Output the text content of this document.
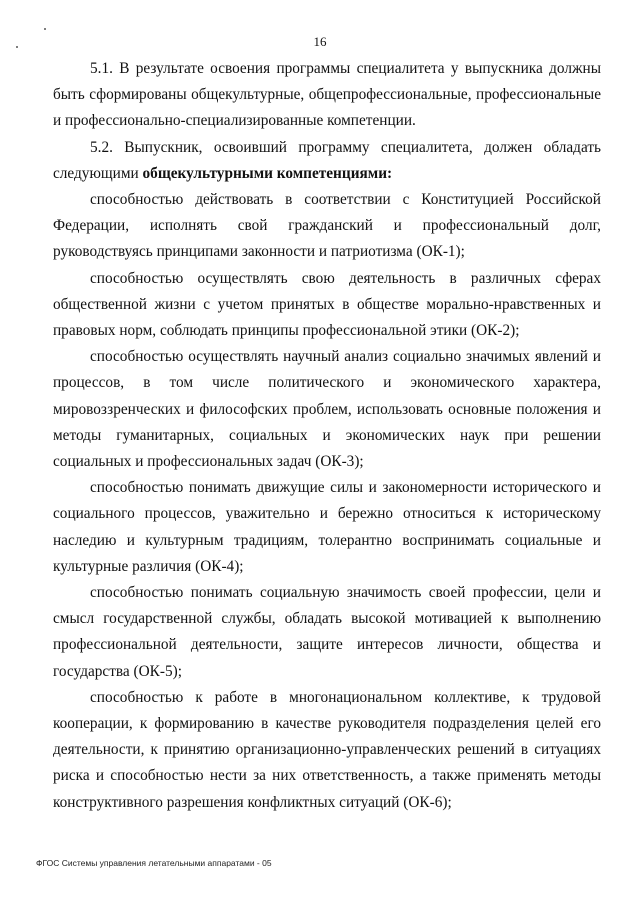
16

5.1. В результате освоения программы специалитета у выпускника должны быть сформированы общекультурные, общепрофессиональные, профессиональные и профессионально-специализированные компетенции.

5.2. Выпускник, освоивший программу специалитета, должен обладать следующими общекультурными компетенциями:

способностью действовать в соответствии с Конституцией Российской Федерации, исполнять свой гражданский и профессиональный долг, руководствуясь принципами законности и патриотизма (ОК-1);

способностью осуществлять свою деятельность в различных сферах общественной жизни с учетом принятых в обществе морально-нравственных и правовых норм, соблюдать принципы профессиональной этики (ОК-2);

способностью осуществлять научный анализ социально значимых явлений и процессов, в том числе политического и экономического характера, мировоззренческих и философских проблем, использовать основные положения и методы гуманитарных, социальных и экономических наук при решении социальных и профессиональных задач (ОК-3);

способностью понимать движущие силы и закономерности исторического и социального процессов, уважительно и бережно относиться к историческому наследию и культурным традициям, толерантно воспринимать социальные и культурные различия (ОК-4);

способностью понимать социальную значимость своей профессии, цели и смысл государственной службы, обладать высокой мотивацией к выполнению профессиональной деятельности, защите интересов личности, общества и государства (ОК-5);

способностью к работе в многонациональном коллективе, к трудовой кооперации, к формированию в качестве руководителя подразделения целей его деятельности, к принятию организационно-управленческих решений в ситуациях риска и способностью нести за них ответственность, а также применять методы конструктивного разрешения конфликтных ситуаций (ОК-6);

ФГОС Системы управления летательными аппаратами - 05
